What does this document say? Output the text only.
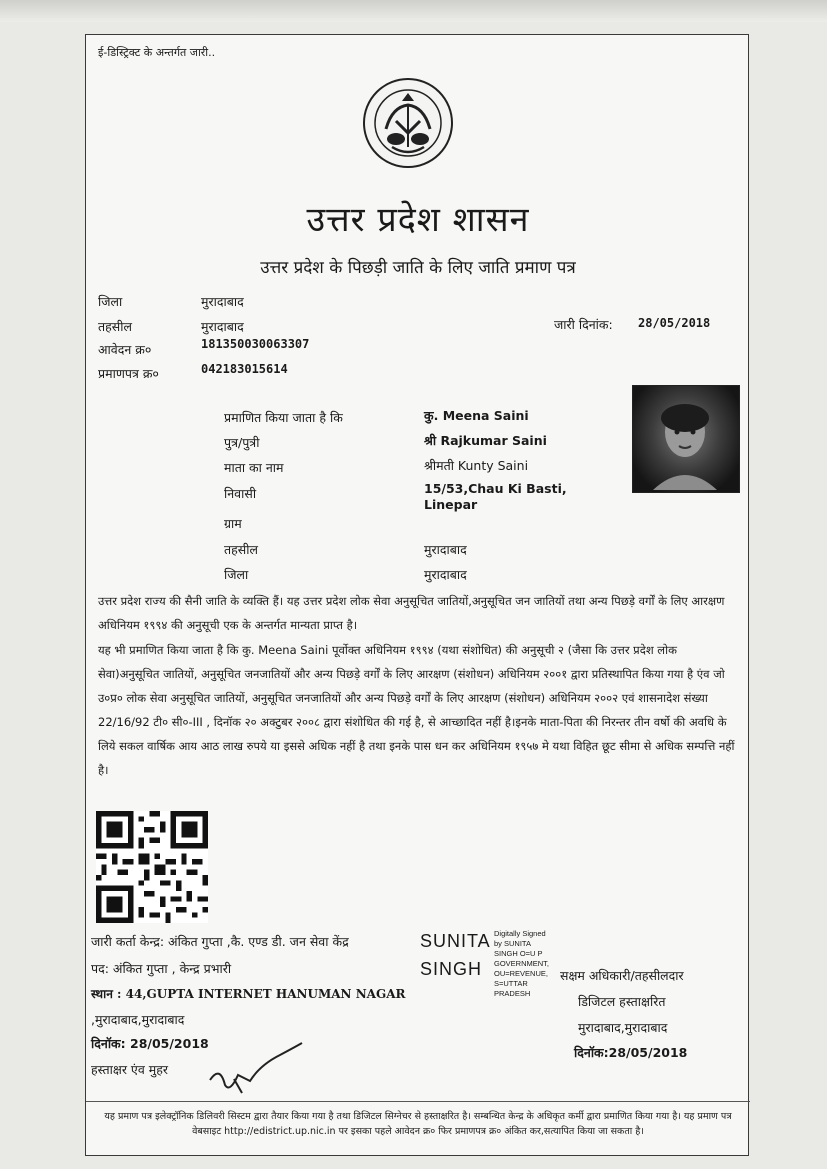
ई-डिस्ट्रिक्ट के अन्तर्गत जारी..
उत्तर प्रदेश शासन
उत्तर प्रदेश के पिछड़ी जाति के लिए जाति प्रमाण पत्र
जिला	मुरादाबाद
तहसील	मुरादाबाद
आवेदन क्र०	181350030063307
प्रमाणपत्र क्र०	042183015614
जारी दिनांक: 28/05/2018
प्रमाणित किया जाता है कि	कु. Meena Saini
पुत्र/पुत्री	श्री Rajkumar Saini
माता का नाम	श्रीमती Kunty Saini
निवासी	15/53,Chau Ki Basti,
Linepar
ग्राम
तहसील	मुरादाबाद
जिला	मुरादाबाद
उत्तर प्रदेश राज्य की सैनी जाति के व्यक्ति हैं। यह उत्तर प्रदेश लोक सेवा अनुसूचित जातियों,अनुसूचित जन जातियों तथा अन्य पिछड़े वर्गों के लिए आरक्षण अधिनियम १९९४ की अनुसूची एक के अन्तर्गत मान्यता प्राप्त है।
यह भी प्रमाणित किया जाता है कि कु. Meena Saini पूर्वोक्त अधिनियम १९९४ (यथा संशोधित) की अनुसूची २ (जैसा कि उत्तर प्रदेश लोक सेवा)अनुसूचित जातियों, अनुसूचित जनजातियों और अन्य पिछड़े वर्गों के लिए आरक्षण (संशोधन) अधिनियम २००१ द्वारा प्रतिस्थापित किया गया है एंव जो उ०प्र० लोक सेवा अनुसूचित जातियों, अनुसूचित जनजातियों और अन्य पिछड़े वर्गों के लिए आरक्षण (संशोधन) अधिनियम २००२ एवं शासनादेश संख्या 22/16/92 टी० सी०-III , दिनॉक २० अक्टुबर २००८ द्वारा संशोधित की गई है, से आच्छादित नहीं है।इनके माता-पिता की निरन्तर तीन वर्षो की अवधि के लिये सकल वार्षिक आय आठ लाख रुपये या इससे अधिक नहीं है तथा इनके पास धन कर अधिनियम १९५७ मे यथा विहित छूट सीमा से अधिक सम्पत्ति नहीं है।
जारी कर्ता केन्द्र: अंकित गुप्ता ,कै. एण्ड डी. जन सेवा केंद्र
पद: अंकित गुप्ता , केन्द्र प्रभारी
स्थान : 44,GUPTA INTERNET HANUMAN NAGAR
,मुरादाबाद,मुरादाबाद
दिनॉक: 28/05/2018
हस्ताक्षर एंव मुहर
SUNITA
SINGH
Digitally Signed
by SUNITA
SINGH O=U P
GOVERNMENT,
OU=REVENUE,
S=UTTAR
PRADESH
सक्षम अधिकारी/तहसीलदार
डिजिटल हस्ताक्षरित
मुरादाबाद,मुरादाबाद
दिनॉक:28/05/2018
यह प्रमाण पत्र इलेक्ट्रॉनिक डिलिवरी सिस्टम द्वारा तैयार किया गया है तथा डिजिटल सिग्नेचर से हस्ताक्षरित है। सम्बन्धित केन्द्र के अधिकृत कर्मी द्वारा प्रमाणित किया गया है। यह प्रमाण पत्र वेबसाइट http://edistrict.up.nic.in पर इसका पहले आवेदन क्र० फिर प्रमाणपत्र क्र० अंकित कर,सत्यापित किया जा सकता है।
